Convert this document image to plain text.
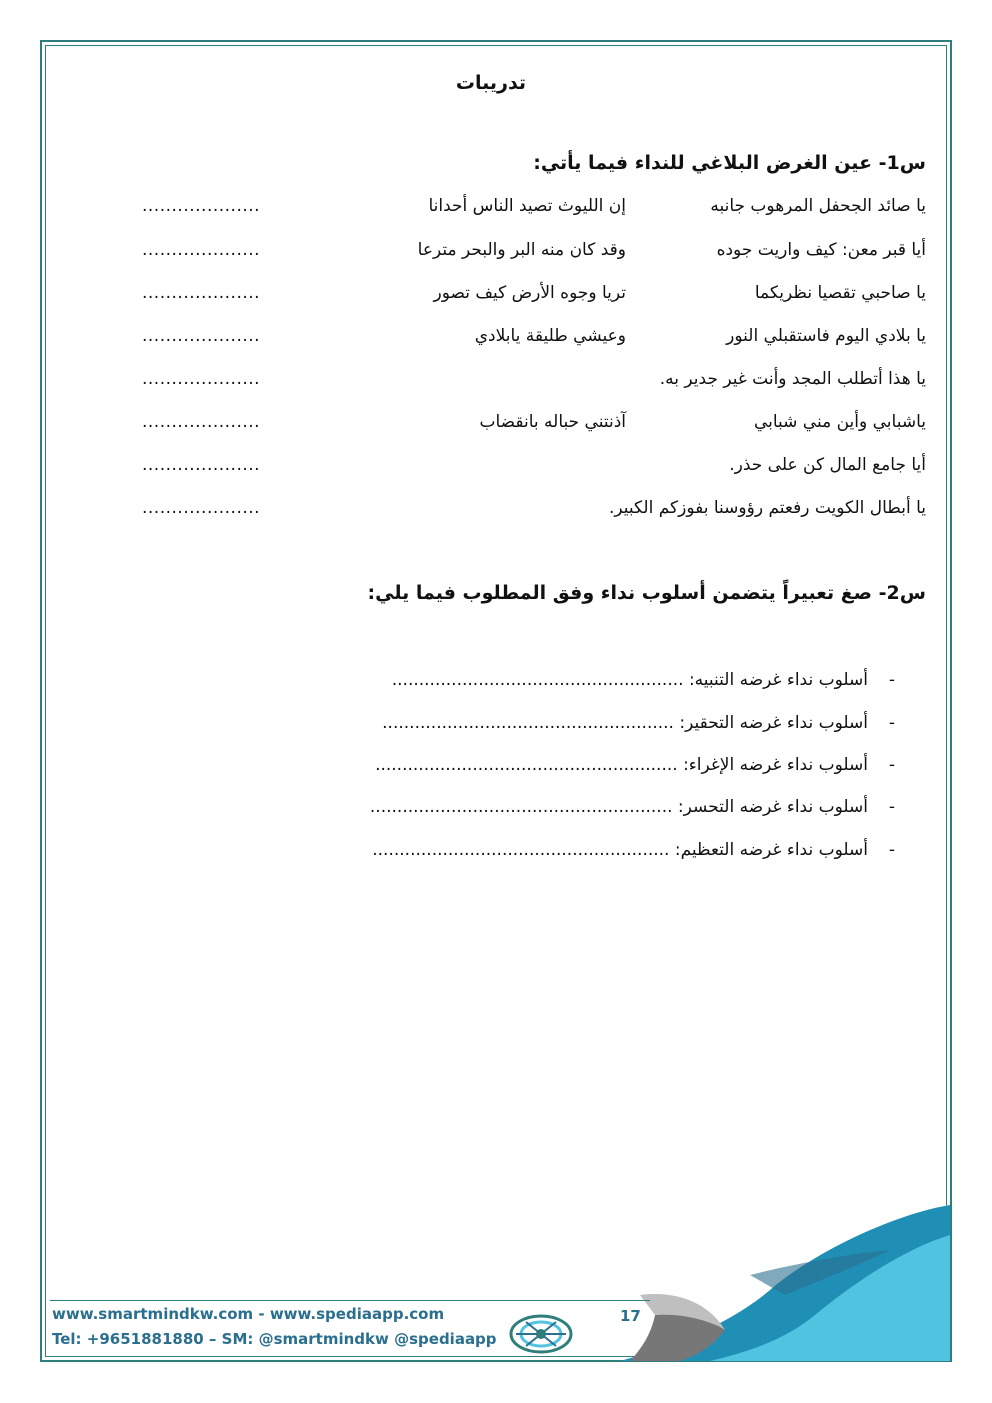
تدريبات
س1- عين الغرض البلاغي للنداء فيما يأتي:
يا صائد الجحفل المرهوب جانبه
إن الليوث تصيد الناس أحدانا
....................
أيا قبر معن: كيف واريت جوده
وقد كان منه البر والبحر مترعا
....................
يا صاحبي تقصيا نظريكما
تريا وجوه الأرض كيف تصور
....................
يا بلادي اليوم فاستقبلي النور
وعيشي طليقة يابلادي
....................
يا هذا أتطلب المجد وأنت غير جدير به.
....................
ياشبابي وأين مني شبابي
آذنتني حباله بانقضاب
....................
أيا جامع المال كن على حذر.
....................
يا أبطال الكويت رفعتم رؤوسنا بفوزكم الكبير.
....................
س2- صغ تعبيراً يتضمن أسلوب نداء وفق المطلوب فيما يلي:
-
أسلوب نداء غرضه التنبيه: ......................................................
-
أسلوب نداء غرضه التحقير: ......................................................
-
أسلوب نداء غرضه الإغراء: ........................................................
-
أسلوب نداء غرضه التحسر: ........................................................
-
أسلوب نداء غرضه التعظيم: .......................................................
www.smartmindkw.com - www.spediaapp.com
Tel: +9651881880 – SM: @smartmindkw @spediaapp
17
